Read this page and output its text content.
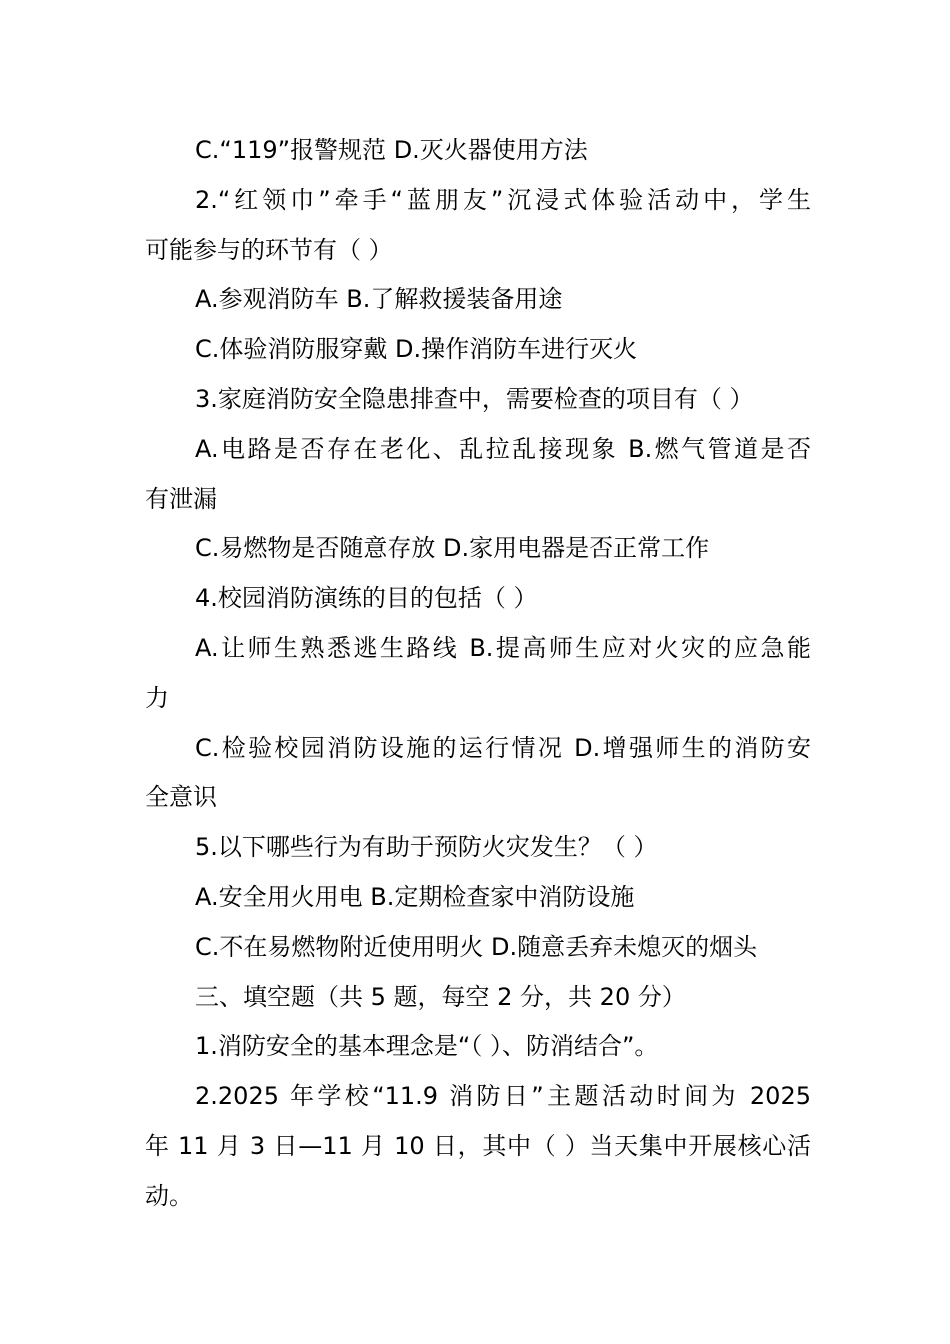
C.“119”报警规范 D.灭火器使用方法
2.“红领巾”牵手“蓝朋友”沉浸式体验活动中，学生
可能参与的环节有（ ）
A.参观消防车 B.了解救援装备用途
C.体验消防服穿戴 D.操作消防车进行灭火
3.家庭消防安全隐患排查中，需要检查的项目有（ ）
A.电路是否存在老化、乱拉乱接现象 B.燃气管道是否
有泄漏
C.易燃物是否随意存放 D.家用电器是否正常工作
4.校园消防演练的目的包括（ ）
A.让师生熟悉逃生路线 B.提高师生应对火灾的应急能
力
C.检验校园消防设施的运行情况 D.增强师生的消防安
全意识
5.以下哪些行为有助于预防火灾发生？（ ）
A.安全用火用电 B.定期检查家中消防设施
C.不在易燃物附近使用明火 D.随意丢弃未熄灭的烟头
三、填空题（共 5 题，每空 2 分，共 20 分）
1.消防安全的基本理念是“（ ）、防消结合”。
2.2025 年学校“11.9 消防日”主题活动时间为 2025
年 11 月 3 日—11 月 10 日，其中（ ）当天集中开展核心活
动。
